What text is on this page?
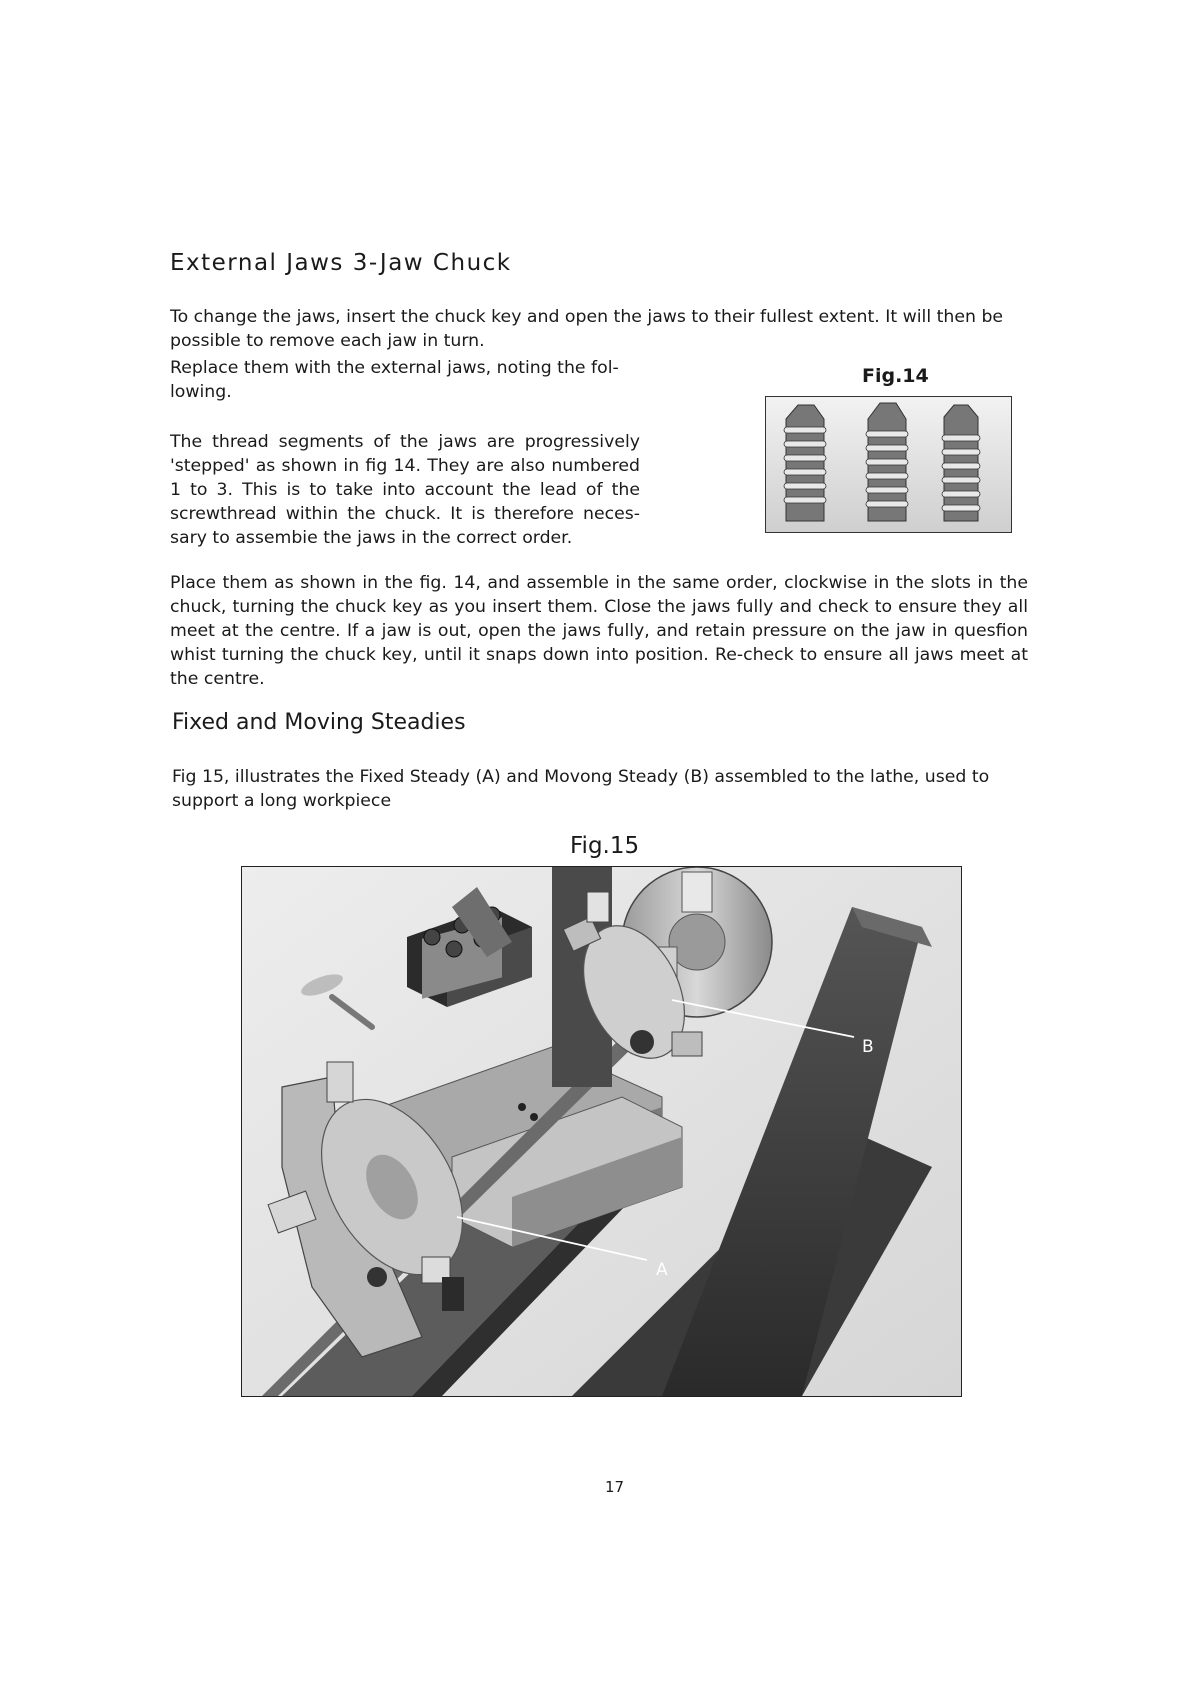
External Jaws 3-Jaw Chuck

To change the jaws, insert the chuck key and open the jaws to their fullest extent. It will then be possible to remove each jaw in turn.

Replace them with the external jaws, noting the fol-lowing.

The thread segments of the jaws are progressively 'stepped' as shown in fig 14. They are also numbered 1 to 3. This is to take into account the lead of the screwthread within the chuck. It is therefore neces-sary to assembie the jaws in the correct order.

Fig.14

Place them as shown in the fig. 14, and assemble in the same order, clockwise in the slots in the chuck, turning the chuck key as you insert them. Close the jaws fully and check to ensure they all meet at the centre. If a jaw is out, open the jaws fully, and retain pressure on the jaw in quesfion whist turning the chuck key, until it snaps down into position. Re-check to ensure all jaws meet at the centre.

Fixed and Moving Steadies

Fig 15, illustrates the Fixed Steady (A) and Movong Steady (B) assembled to the lathe, used to support a long workpiece

Fig.15
B
A
17
